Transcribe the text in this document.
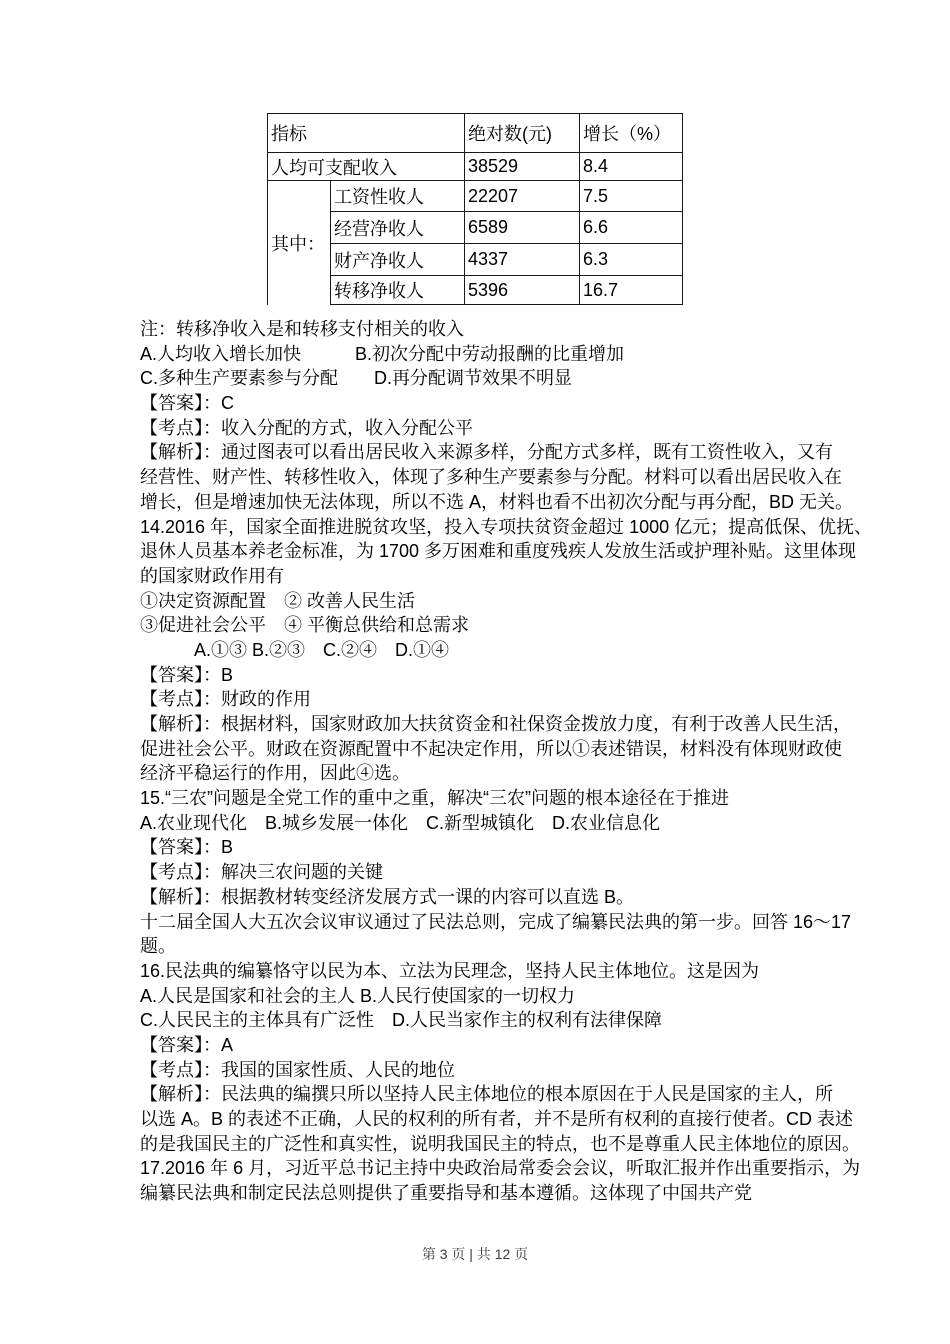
指标		绝对数(元)	增长（%）
人均可支配收入		38529	8.4
其中：	工资性收人	22207	7.5
	经营净收人	6589	6.6
	财产净收人	4337	6.3
	转移净收人	5396	16.7
注：转移净收入是和转移支付相关的收入
A.人均收入增长加快　　　B.初次分配中劳动报酬的比重增加
C.多种生产要素参与分配　　D.再分配调节效果不明显
【答案】：C
【考点】：收入分配的方式，收入分配公平
【解析】：通过图表可以看出居民收入来源多样，分配方式多样，既有工资性收入，又有
经营性、财产性、转移性收入，体现了多种生产要素参与分配。材料可以看出居民收入在
增长，但是增速加快无法体现，所以不选 A，材料也看不出初次分配与再分配，BD 无关。
14.2016 年，国家全面推进脱贫攻坚，投入专项扶贫资金超过 1000 亿元；提高低保、优抚、
退休人员基本养老金标准，为 1700 多万困难和重度残疾人发放生活或护理补贴。这里体现
的国家财政作用有
①决定资源配置　② 改善人民生活
③促进社会公平　④ 平衡总供给和总需求
　　　A.①③ B.②③　C.②④　D.①④
【答案】：B
【考点】：财政的作用
【解析】：根据材料，国家财政加大扶贫资金和社保资金拨放力度，有利于改善人民生活，
促进社会公平。财政在资源配置中不起决定作用，所以①表述错误，材料没有体现财政使
经济平稳运行的作用，因此④选。
15.“三农”问题是全党工作的重中之重，解决“三农”问题的根本途径在于推进
A.农业现代化　B.城乡发展一体化　C.新型城镇化　D.农业信息化
【答案】：B
【考点】：解决三农问题的关键
【解析】：根据教材转变经济发展方式一课的内容可以直选 B。
十二届全国人大五次会议审议通过了民法总则，完成了编纂民法典的第一步。回答 16〜17
题。
16.民法典的编纂恪守以民为本、立法为民理念，坚持人民主体地位。这是因为
A.人民是国家和社会的主人 B.人民行使国家的一切权力
C.人民民主的主体具有广泛性　D.人民当家作主的权利有法律保障
【答案】：A
【考点】：我国的国家性质、人民的地位
【解析】：民法典的编撰只所以坚持人民主体地位的根本原因在于人民是国家的主人，所
以选 A。B 的表述不正确，人民的权利的所有者，并不是所有权利的直接行使者。CD 表述
的是我国民主的广泛性和真实性，说明我国民主的特点，也不是尊重人民主体地位的原因。
17.2016 年 6 月，习近平总书记主持中央政治局常委会会议，听取汇报并作出重要指示，为
编纂民法典和制定民法总则提供了重要指导和基本遵循。这体现了中国共产党
第 3 页 | 共 12 页
